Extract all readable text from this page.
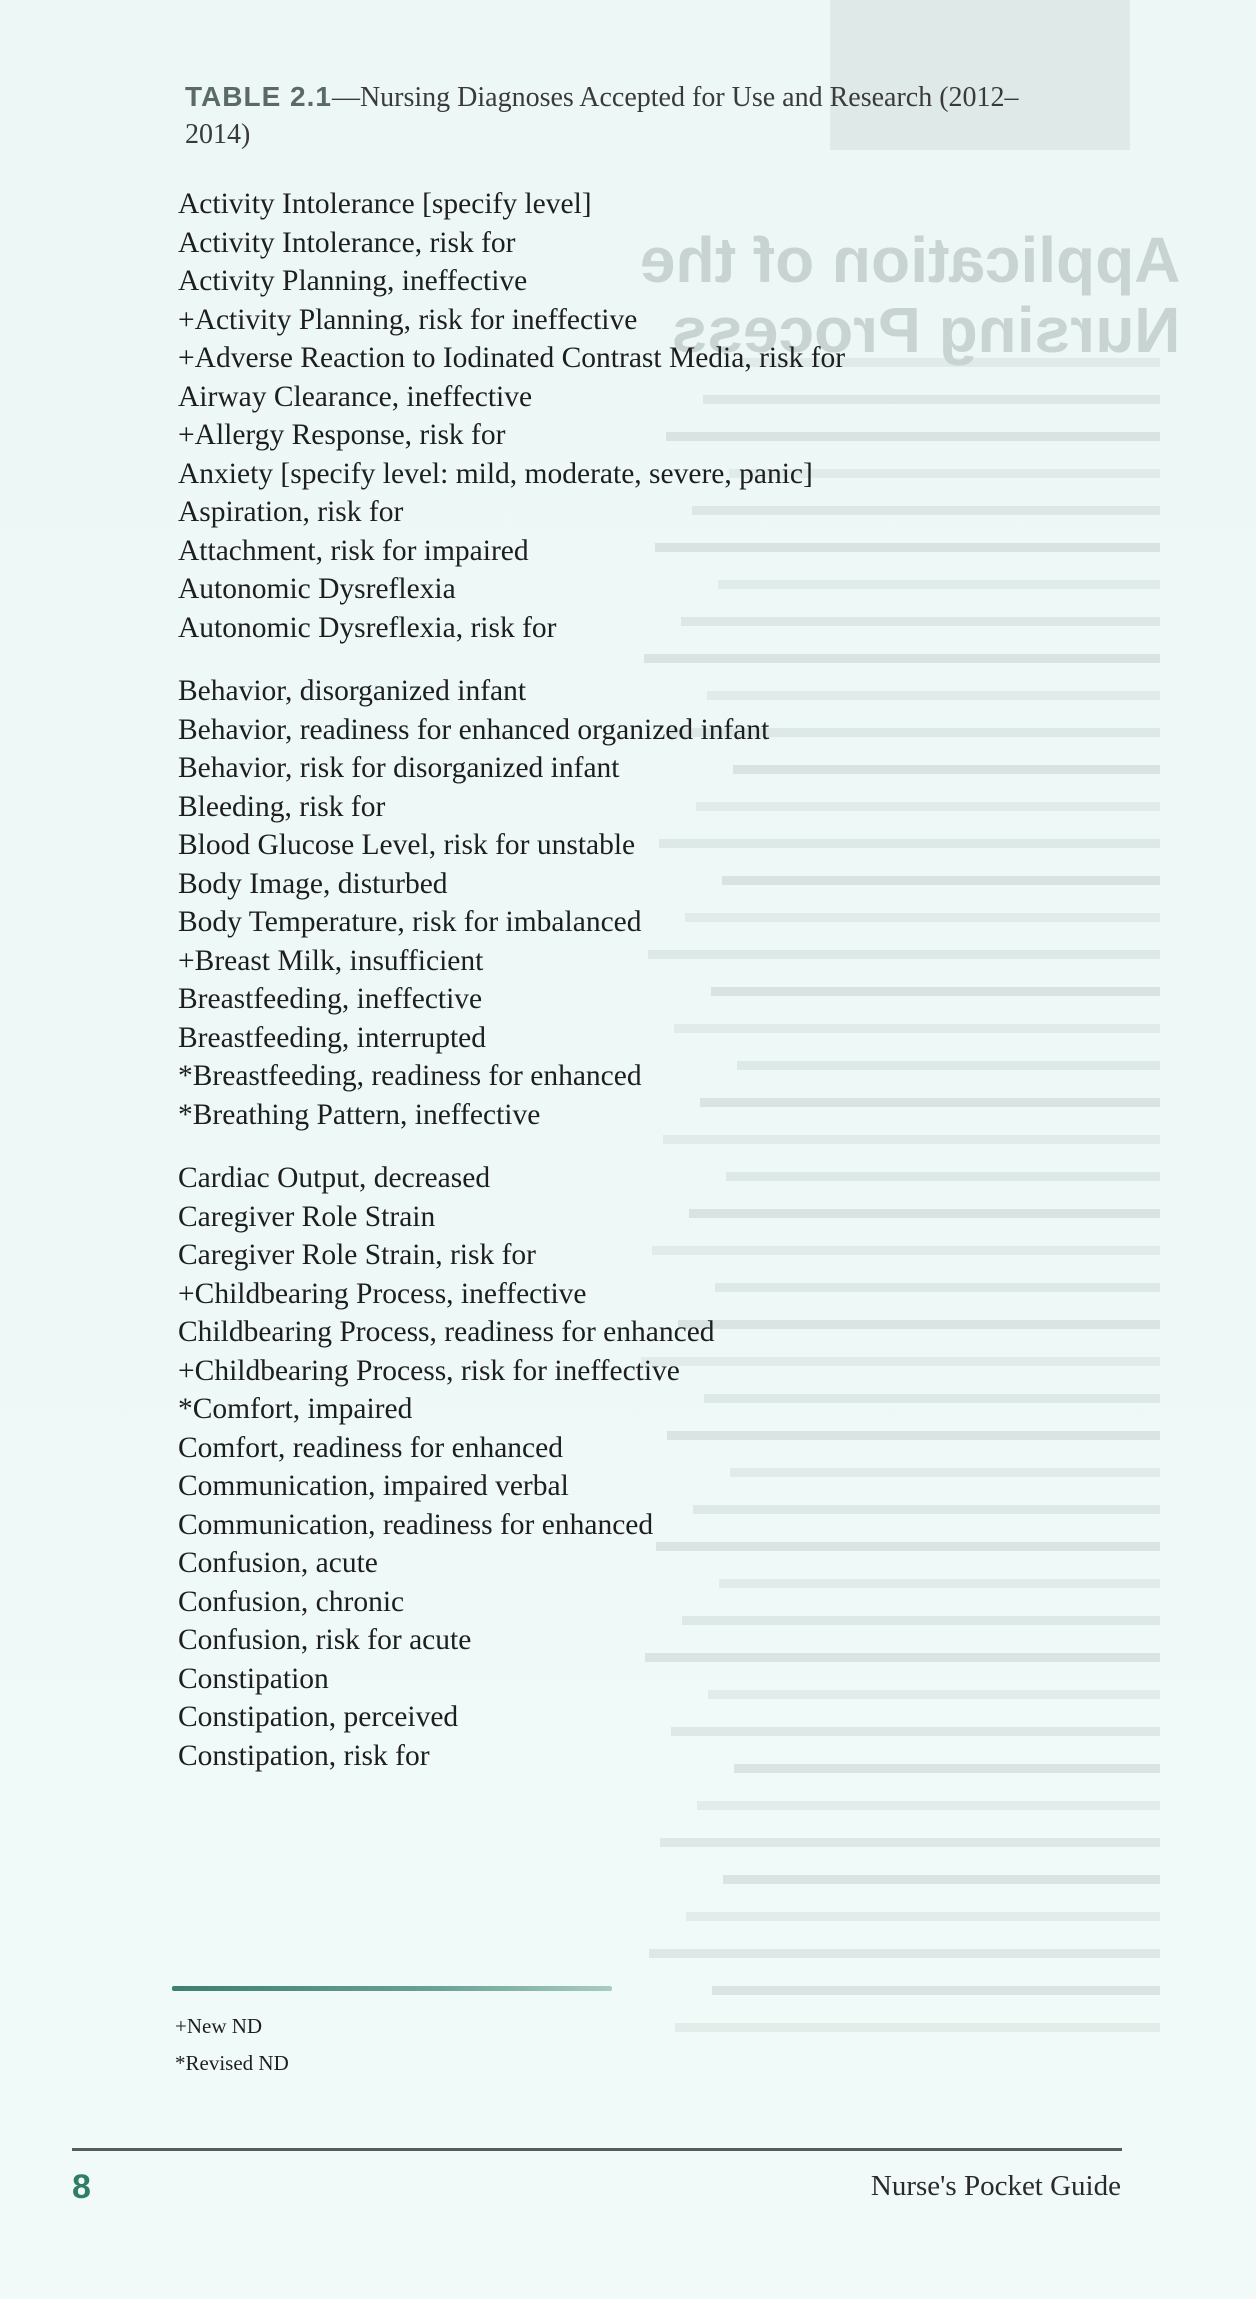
Application of the
Nursing Process

TABLE 2.1—Nursing Diagnoses Accepted for Use and Research (2012–2014)
Activity Intolerance [specify level]
Activity Intolerance, risk for
Activity Planning, ineffective
+Activity Planning, risk for ineffective
+Adverse Reaction to Iodinated Contrast Media, risk for
Airway Clearance, ineffective
+Allergy Response, risk for
Anxiety [specify level: mild, moderate, severe, panic]
Aspiration, risk for
Attachment, risk for impaired
Autonomic Dysreflexia
Autonomic Dysreflexia, risk for
Behavior, disorganized infant
Behavior, readiness for enhanced organized infant
Behavior, risk for disorganized infant
Bleeding, risk for
Blood Glucose Level, risk for unstable
Body Image, disturbed
Body Temperature, risk for imbalanced
+Breast Milk, insufficient
Breastfeeding, ineffective
Breastfeeding, interrupted
*Breastfeeding, readiness for enhanced
*Breathing Pattern, ineffective
Cardiac Output, decreased
Caregiver Role Strain
Caregiver Role Strain, risk for
+Childbearing Process, ineffective
Childbearing Process, readiness for enhanced
+Childbearing Process, risk for ineffective
*Comfort, impaired
Comfort, readiness for enhanced
Communication, impaired verbal
Communication, readiness for enhanced
Confusion, acute
Confusion, chronic
Confusion, risk for acute
Constipation
Constipation, perceived
Constipation, risk for
+New ND
*Revised ND
8	Nurse's Pocket Guide
